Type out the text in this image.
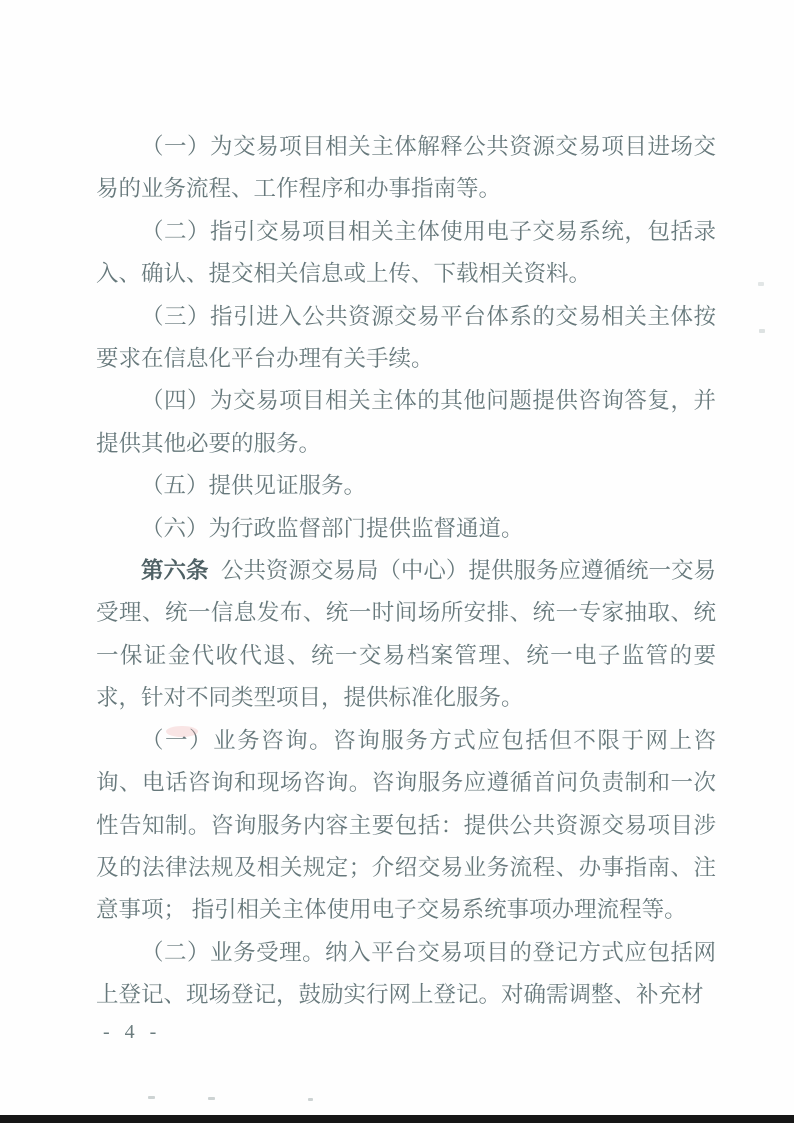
（一）为交易项目相关主体解释公共资源交易项目进场交易的业务流程、工作程序和办事指南等。

（二）指引交易项目相关主体使用电子交易系统，包括录入、确认、提交相关信息或上传、下载相关资料。

（三）指引进入公共资源交易平台体系的交易相关主体按要求在信息化平台办理有关手续。

（四）为交易项目相关主体的其他问题提供咨询答复，并提供其他必要的服务。

（五）提供见证服务。

（六）为行政监督部门提供监督通道。

第六条 公共资源交易局（中心）提供服务应遵循统一交易受理、统一信息发布、统一时间场所安排、统一专家抽取、统一保证金代收代退、统一交易档案管理、统一电子监管的要求，针对不同类型项目，提供标准化服务。

（一）业务咨询。咨询服务方式应包括但不限于网上咨询、电话咨询和现场咨询。咨询服务应遵循首问负责制和一次性告知制。咨询服务内容主要包括：提供公共资源交易项目涉及的法律法规及相关规定；介绍交易业务流程、办事指南、注意事项； 指引相关主体使用电子交易系统事项办理流程等。

（二）业务受理。纳入平台交易项目的登记方式应包括网上登记、现场登记，鼓励实行网上登记。对确需调整、补充材

- 4 -
